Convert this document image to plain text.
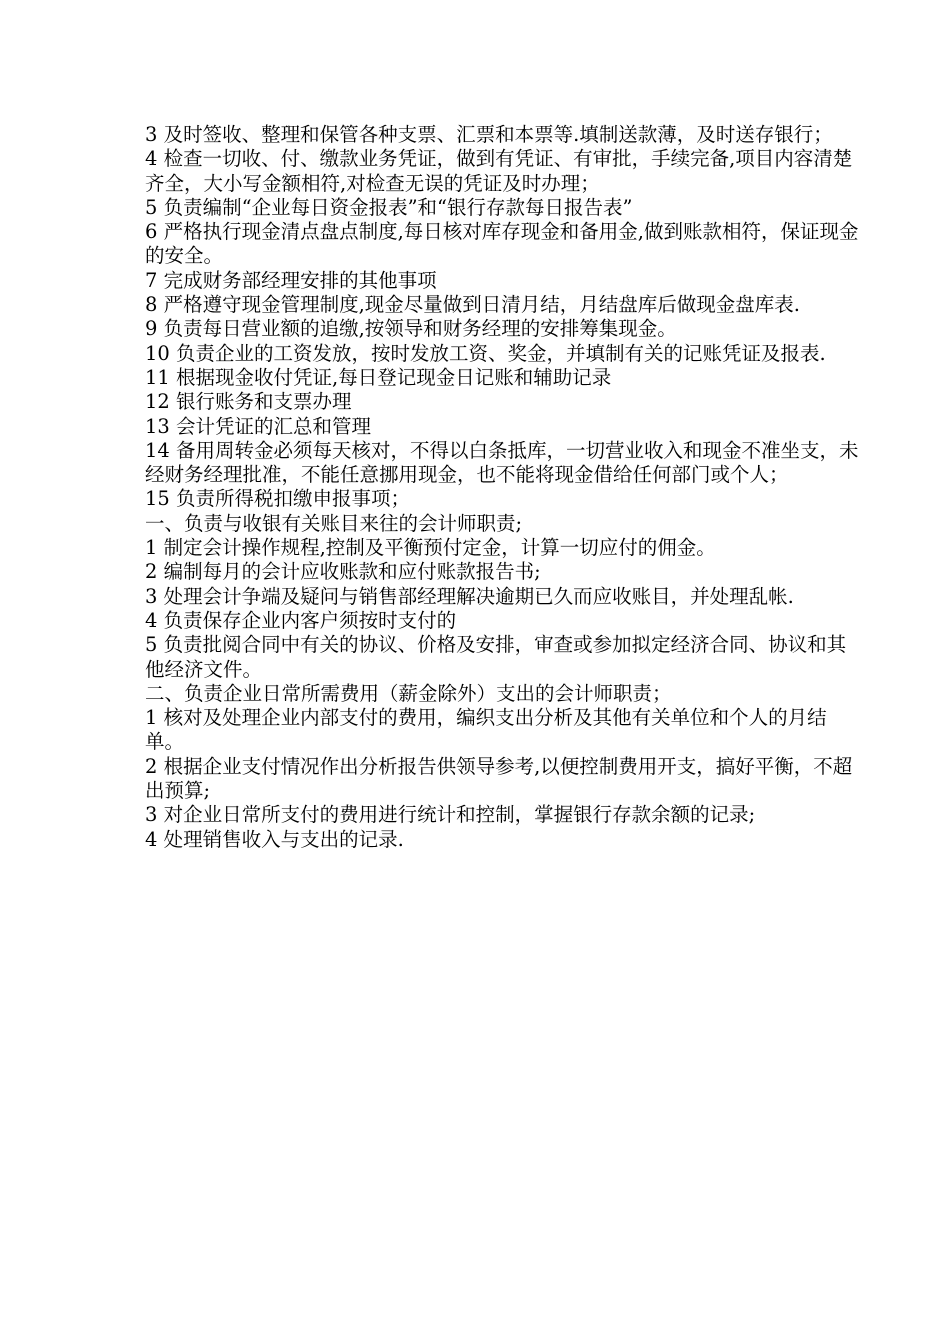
3 及时签收、整理和保管各种支票、汇票和本票等.填制送款薄，及时送存银行；

4 检查一切收、付、缴款业务凭证，做到有凭证、有审批，手续完备,项目内容清楚齐全，大小写金额相符,对检查无误的凭证及时办理；

5 负责编制“企业每日资金报表”和“银行存款每日报告表”

6 严格执行现金清点盘点制度,每日核对库存现金和备用金,做到账款相符，保证现金的安全。

7 完成财务部经理安排的其他事项

8 严格遵守现金管理制度,现金尽量做到日清月结，月结盘库后做现金盘库表.

9 负责每日营业额的追缴,按领导和财务经理的安排筹集现金。

10 负责企业的工资发放，按时发放工资、奖金，并填制有关的记账凭证及报表.

11 根据现金收付凭证,每日登记现金日记账和辅助记录

12 银行账务和支票办理

13 会计凭证的汇总和管理

14 备用周转金必须每天核对，不得以白条抵库，一切营业收入和现金不准坐支，未经财务经理批准，不能任意挪用现金，也不能将现金借给任何部门或个人；

15 负责所得税扣缴申报事项；

一、负责与收银有关账目来往的会计师职责;

1 制定会计操作规程,控制及平衡预付定金，计算一切应付的佣金。

2 编制每月的会计应收账款和应付账款报告书;

3 处理会计争端及疑问与销售部经理解决逾期已久而应收账目，并处理乱帐.

4 负责保存企业内客户须按时支付的

5 负责批阅合同中有关的协议、价格及安排，审查或参加拟定经济合同、协议和其他经济文件。

二、负责企业日常所需费用（薪金除外）支出的会计师职责；

1 核对及处理企业内部支付的费用，编织支出分析及其他有关单位和个人的月结单。

2 根据企业支付情况作出分析报告供领导参考,以便控制费用开支，搞好平衡，不超出预算;

3 对企业日常所支付的费用进行统计和控制，掌握银行存款余额的记录;

4 处理销售收入与支出的记录.
